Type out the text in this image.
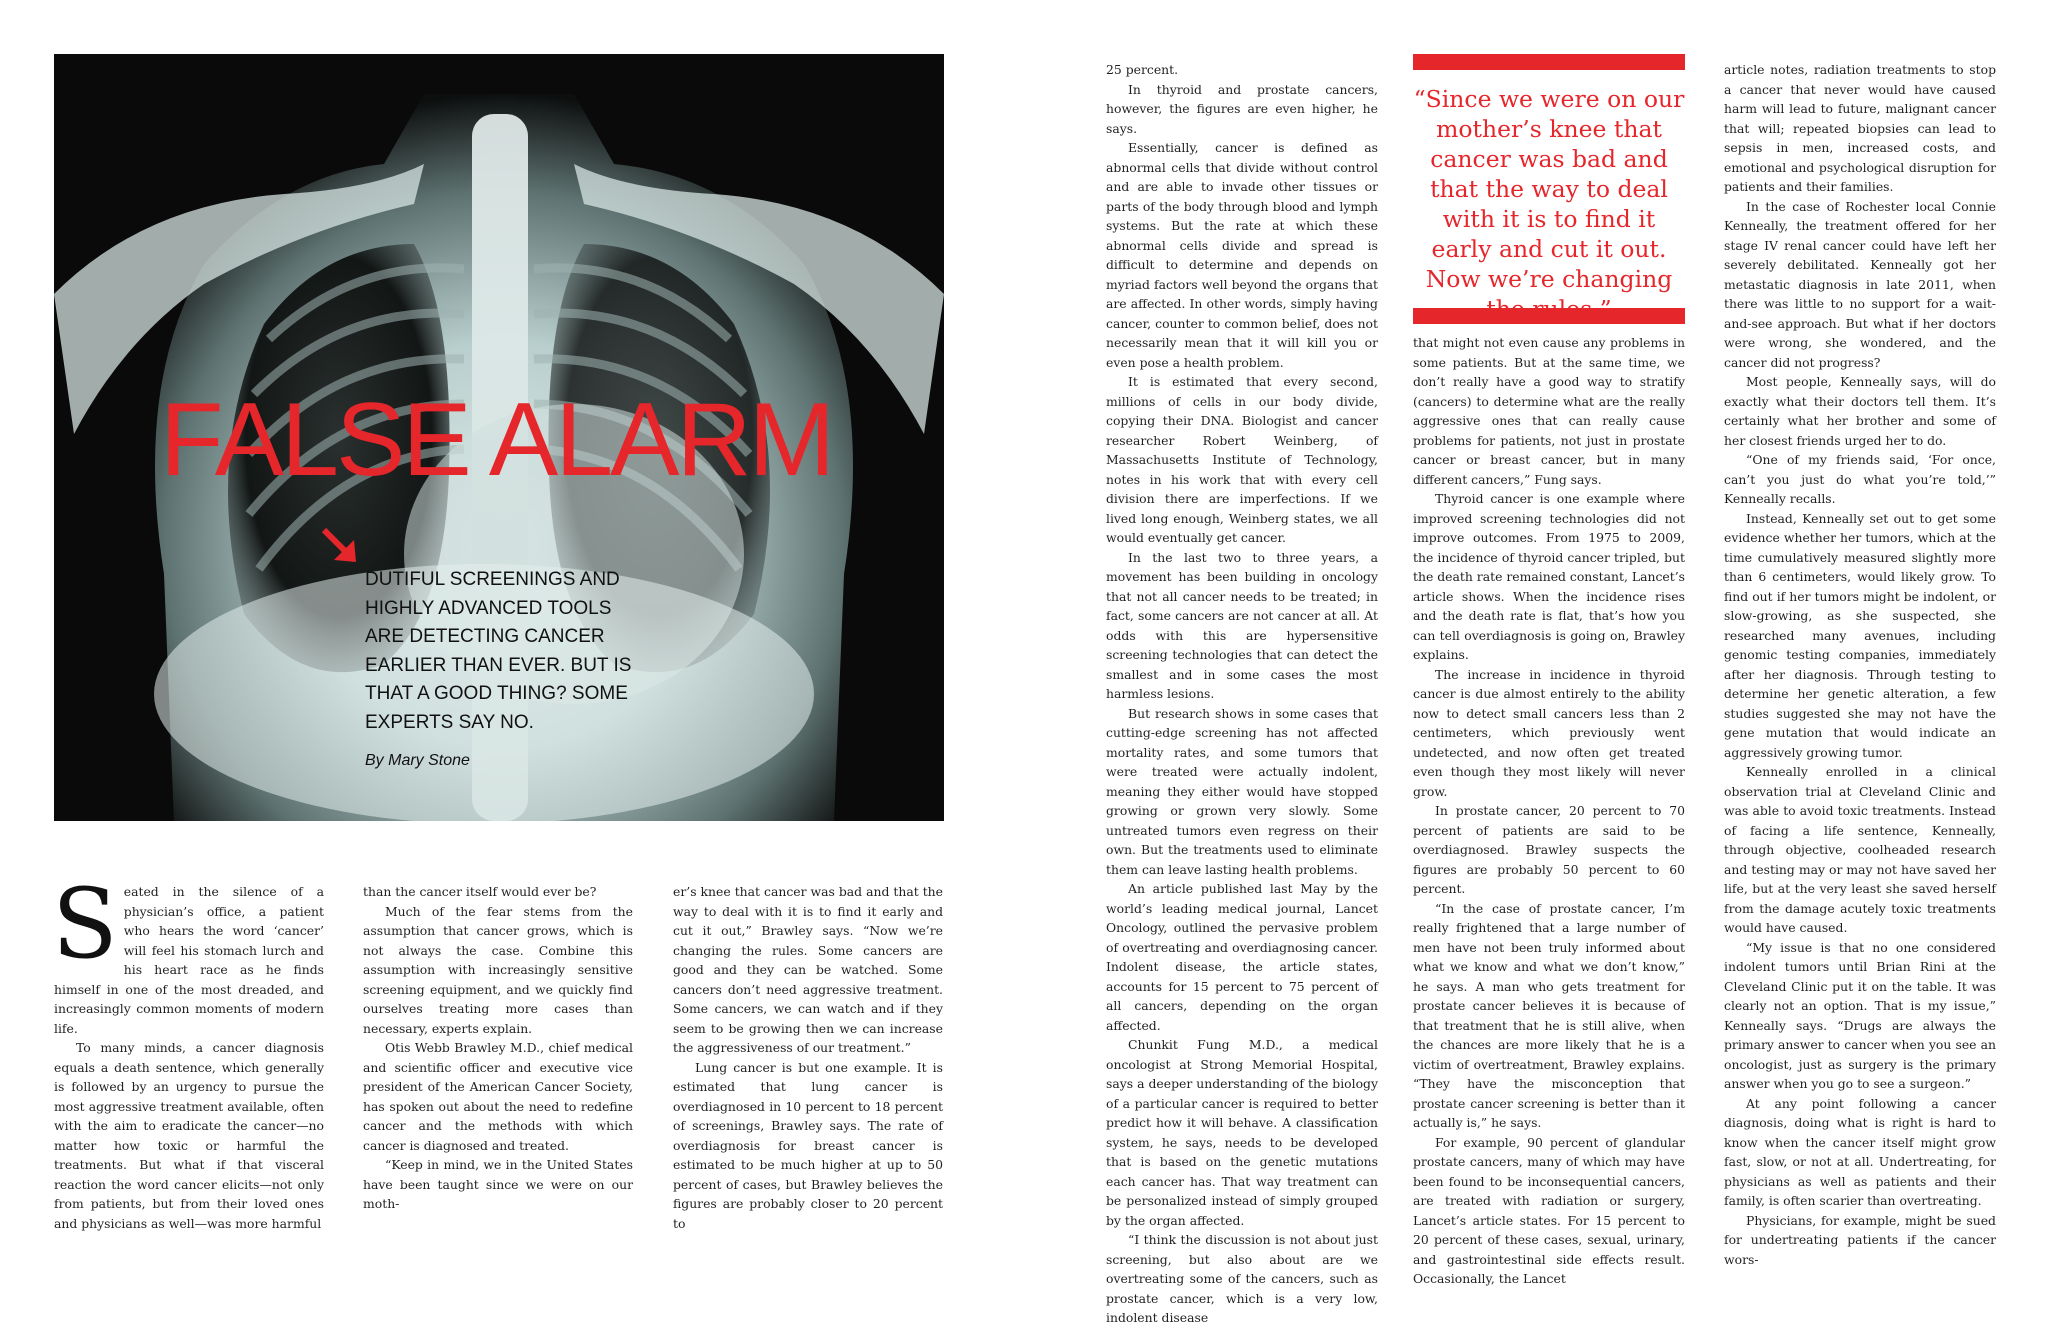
FALSE ALARM

DUTIFUL SCREENINGS AND HIGHLY ADVANCED TOOLS ARE DETECTING CANCER EARLIER THAN EVER. BUT IS THAT A GOOD THING? SOME EXPERTS SAY NO.

By Mary Stone

“Since we were on our mother’s knee that cancer was bad and that the way to deal with it is to find it early and cut it out. Now we’re changing

Seated in the silence of a physician’s office, a patient who hears the word ‘cancer’ will feel his stomach lurch and his heart race as he finds himself in one of the most dreaded, and increasingly common moments of modern life.

To many minds, a cancer diagnosis equals a death sentence, which generally is followed by an urgency to pursue the most aggressive treatment available, often with the aim to eradicate the cancer—no matter how toxic or harmful the treatments. But what if that visceral reaction the word cancer elicits—not only from patients, but from their loved ones and physicians as well—was more harmful

than the cancer itself would ever be?

Much of the fear stems from the assumption that cancer grows, which is not always the case. Combine this assumption with increasingly sensitive screening equipment, and we quickly find ourselves treating more cases than necessary, experts explain.

Otis Webb Brawley M.D., chief medical and scientific officer and executive vice president of the American Cancer Society, has spoken out about the need to redefine cancer and the methods with which cancer is diagnosed and treated.

“Keep in mind, we in the United States have been taught since we were on our moth-

er’s knee that cancer was bad and that the way to deal with it is to find it early and cut it out,” Brawley says. “Now we’re changing the rules. Some cancers are good and they can be watched. Some cancers don’t need aggressive treatment. Some cancers, we can watch and if they seem to be growing then we can increase the aggressiveness of our treatment.”

Lung cancer is but one example. It is estimated that lung cancer is overdiagnosed in 10 percent to 18 percent of screenings, Brawley says. The rate of overdiagnosis for breast cancer is estimated to be much higher at up to 50 percent of cases, but Brawley believes the figures are probably closer to 20 percent to

25 percent.

In thyroid and prostate cancers, however, the figures are even higher, he says.

Essentially, cancer is defined as abnormal cells that divide without control and are able to invade other tissues or parts of the body through blood and lymph systems. But the rate at which these abnormal cells divide and spread is difficult to determine and depends on myriad factors well beyond the organs that are affected. In other words, simply having cancer, counter to common belief, does not necessarily mean that it will kill you or even pose a health problem.

It is estimated that every second, millions of cells in our body divide, copying their DNA. Biologist and cancer researcher Robert Weinberg, of Massachusetts Institute of Technology, notes in his work that with every cell division there are imperfections. If we lived long enough, Weinberg states, we all would eventually get cancer.

In the last two to three years, a movement has been building in oncology that not all cancer needs to be treated; in fact, some cancers are not cancer at all. At odds with this are hypersensitive screening technologies that can detect the smallest and in some cases the most harmless lesions.

But research shows in some cases that cutting-edge screening has not affected mortality rates, and some tumors that were treated were actually indolent, meaning they either would have stopped growing or grown very slowly. Some untreated tumors even regress on their own. But the treatments used to eliminate them can leave lasting health problems.

An article published last May by the world’s leading medical journal, Lancet Oncology, outlined the pervasive problem of overtreating and overdiagnosing cancer. Indolent disease, the article states, accounts for 15 percent to 75 percent of all cancers, depending on the organ affected.

Chunkit Fung M.D., a medical oncologist at Strong Memorial Hospital, says a deeper understanding of the biology of a particular cancer is required to better predict how it will behave. A classification system, he says, needs to be developed that is based on the genetic mutations each cancer has. That way treatment can be personalized instead of simply grouped by the organ affected.

“I think the discussion is not about just screening, but also about are we overtreating some of the cancers, such as prostate cancer, which is a very low, indolent disease

that might not even cause any problems in some patients. But at the same time, we don’t really have a good way to stratify (cancers) to determine what are the really aggressive ones that can really cause problems for patients, not just in prostate cancer or breast cancer, but in many different cancers,” Fung says.

Thyroid cancer is one example where improved screening technologies did not improve outcomes. From 1975 to 2009, the incidence of thyroid cancer tripled, but the death rate remained constant, Lancet’s article shows. When the incidence rises and the death rate is flat, that’s how you can tell overdiagnosis is going on, Brawley explains.

The increase in incidence in thyroid cancer is due almost entirely to the ability now to detect small cancers less than 2 centimeters, which previously went undetected, and now often get treated even though they most likely will never grow.

In prostate cancer, 20 percent to 70 percent of patients are said to be overdiagnosed. Brawley suspects the figures are probably 50 percent to 60 percent.

“In the case of prostate cancer, I’m really frightened that a large number of men have not been truly informed about what we know and what we don’t know,” he says. A man who gets treatment for prostate cancer believes it is because of that treatment that he is still alive, when the chances are more likely that he is a victim of overtreatment, Brawley explains. “They have the misconception that prostate cancer screening is better than it actually is,” he says.

For example, 90 percent of glandular prostate cancers, many of which may have been found to be inconsequential cancers, are treated with radiation or surgery, Lancet’s article states. For 15 percent to 20 percent of these cases, sexual, urinary, and gastrointestinal side effects result. Occasionally, the Lancet

article notes, radiation treatments to stop a cancer that never would have caused harm will lead to future, malignant cancer that will; repeated biopsies can lead to sepsis in men, increased costs, and emotional and psychological disruption for patients and their families.

In the case of Rochester local Connie Kenneally, the treatment offered for her stage IV renal cancer could have left her severely debilitated. Kenneally got her metastatic diagnosis in late 2011, when there was little to no support for a wait-and-see approach. But what if her doctors were wrong, she wondered, and the cancer did not progress?

Most people, Kenneally says, will do exactly what their doctors tell them. It’s certainly what her brother and some of her closest friends urged her to do.

“One of my friends said, ‘For once, can’t you just do what you’re told,’” Kenneally recalls.

Instead, Kenneally set out to get some evidence whether her tumors, which at the time cumulatively measured slightly more than 6 centimeters, would likely grow. To find out if her tumors might be indolent, or slow-growing, as she suspected, she researched many avenues, including genomic testing companies, immediately after her diagnosis. Through testing to determine her genetic alteration, a few studies suggested she may not have the gene mutation that would indicate an aggressively growing tumor.

Kenneally enrolled in a clinical observation trial at Cleveland Clinic and was able to avoid toxic treatments. Instead of facing a life sentence, Kenneally, through objective, coolheaded research and testing may or may not have saved her life, but at the very least she saved herself from the damage acutely toxic treatments would have caused.

“My issue is that no one considered indolent tumors until Brian Rini at the Cleveland Clinic put it on the table. It was clearly not an option. That is my issue,” Kenneally says. “Drugs are always the primary answer to cancer when you see an oncologist, just as surgery is the primary answer when you go to see a surgeon.”

At any point following a cancer diagnosis, doing what is right is hard to know when the cancer itself might grow fast, slow, or not at all. Undertreating, for physicians as well as patients and their family, is often scarier than overtreating.

Physicians, for example, might be sued for undertreating patients if the cancer wors-
